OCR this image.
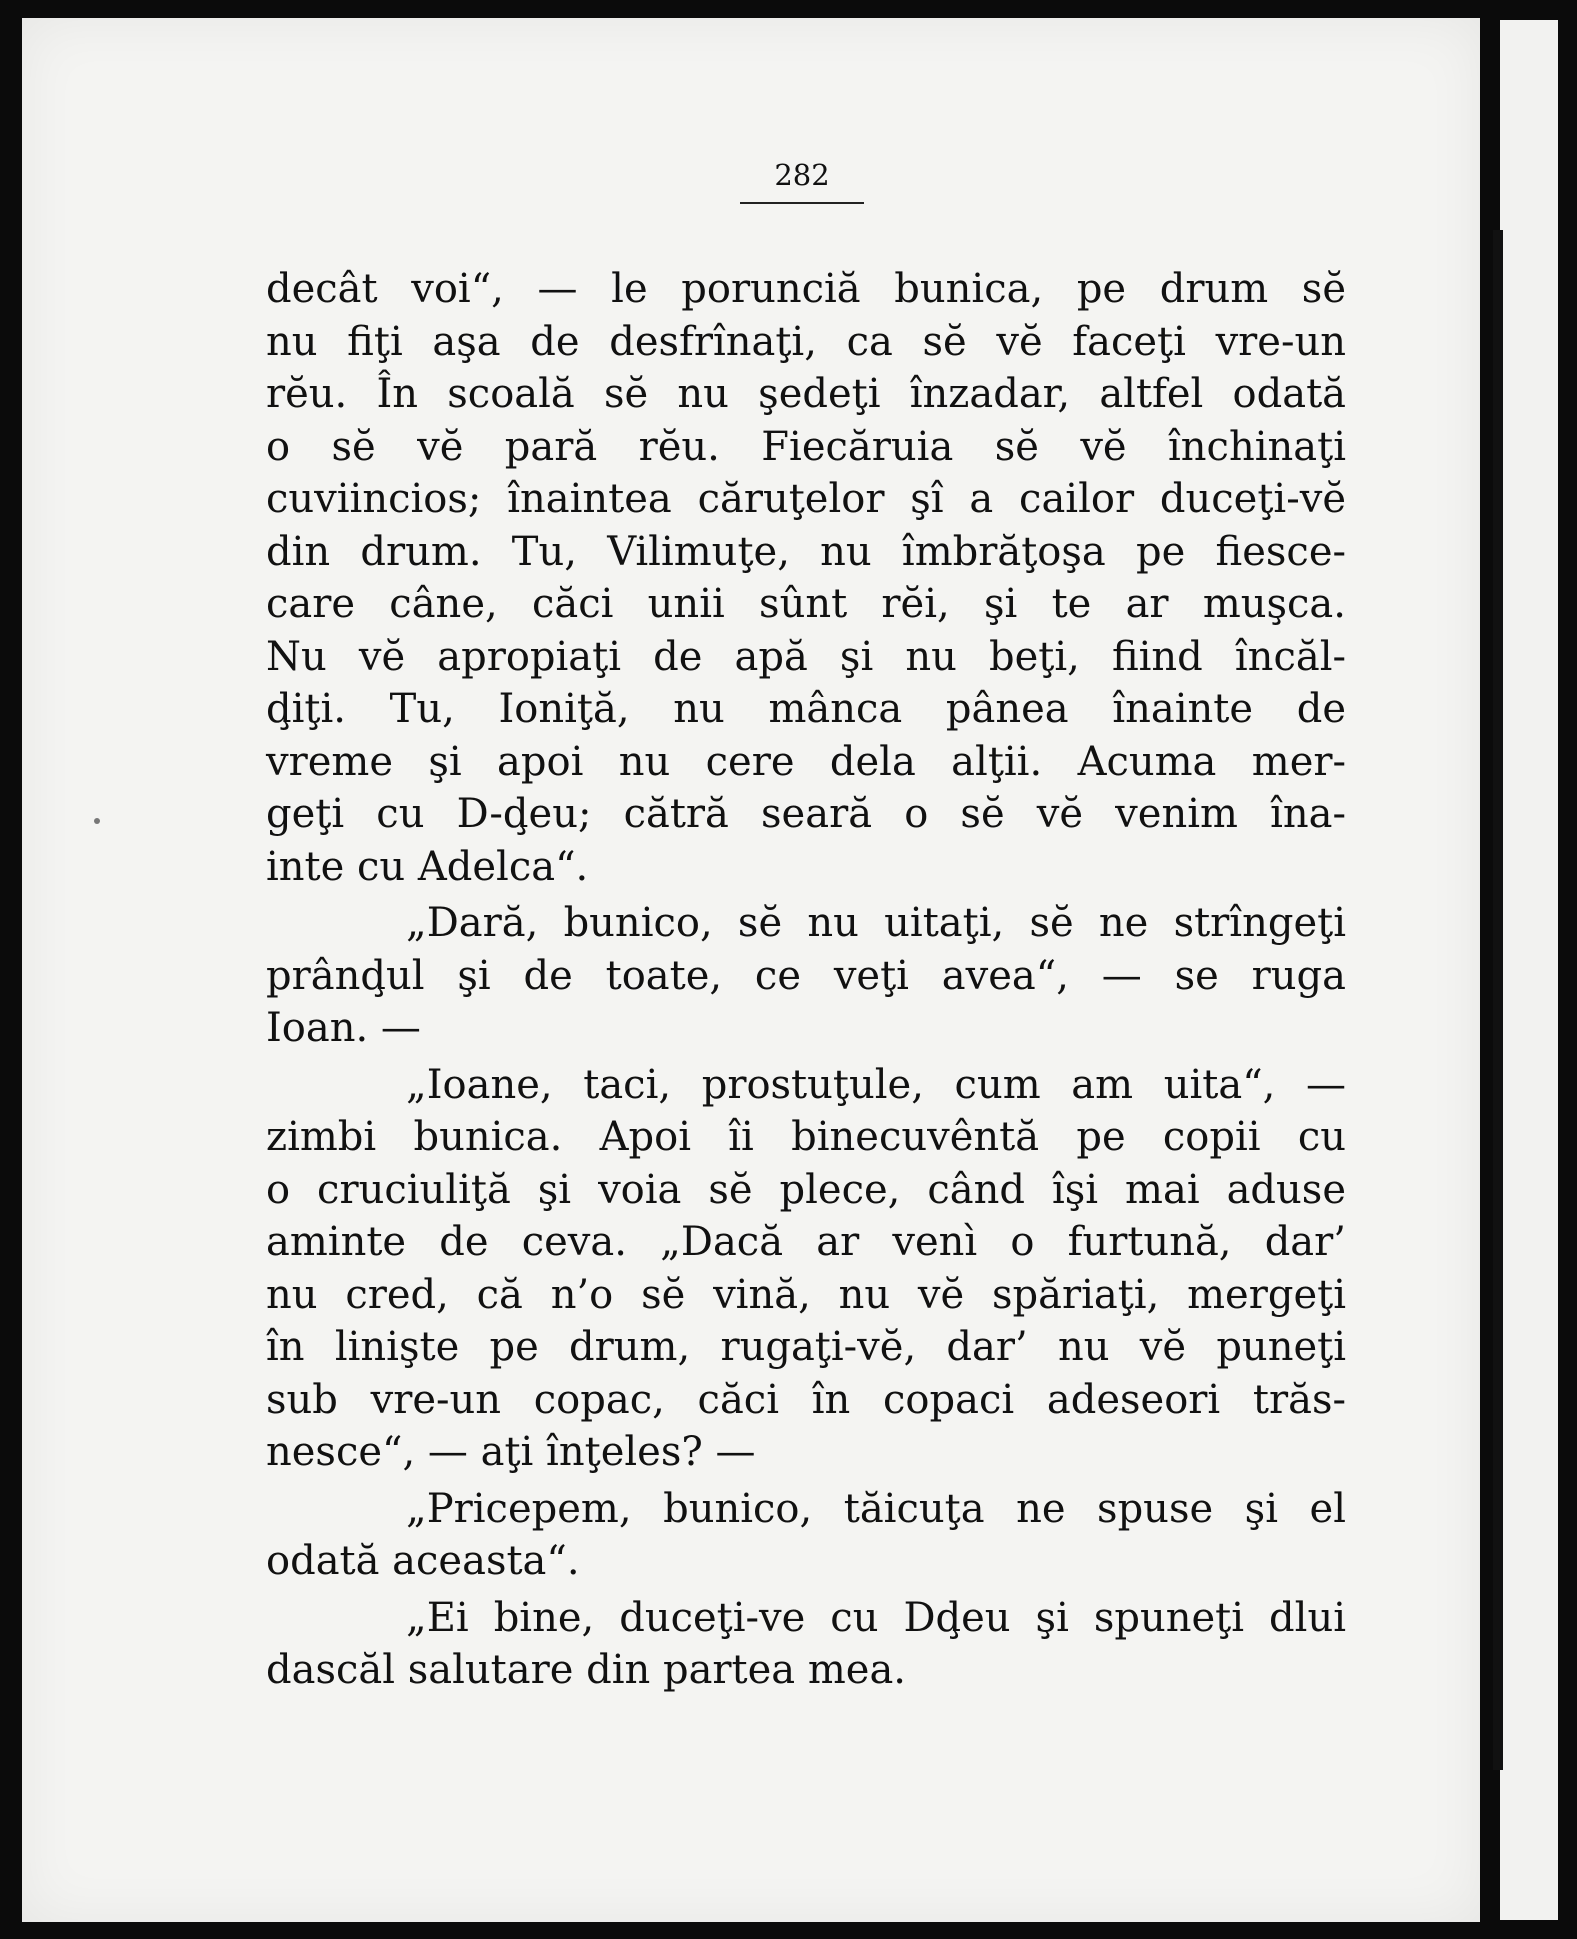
282
decât voi“, — le porunciă bunica, pe drum sĕ
nu fiţi aşa de desfrînaţi, ca sĕ vĕ faceţi vre-un
rĕu. În scoală sĕ nu şedeţi înzadar, altfel odată
o sĕ vĕ pară rĕu. Fiecăruia sĕ vĕ închinaţi
cuviincios; înaintea căruţelor şî a cailor duceţi-vĕ
din drum. Tu, Vilimuţe, nu îmbrăţoşa pe fiesce-
care câne, căci unii sûnt rĕi, şi te ar muşca.
Nu vĕ apropiaţi de apă şi nu beţi, fiind încăl-
ḑiţi. Tu, Ioniţă, nu mânca pânea înainte de
vreme şi apoi nu cere dela alţii. Acuma mer-
geţi cu D-ḑeu; cătră seară o sĕ vĕ venim îna-
inte cu Adelca“.
„Dară, bunico, sĕ nu uitaţi, sĕ ne strîngeţi
prânḑul şi de toate, ce veţi avea“, — se ruga
Ioan. —
„Ioane, taci, prostuţule, cum am uita“, —
zimbi bunica. Apoi îi binecuvêntă pe copii cu
o cruciuliţă şi voia sĕ plece, când îşi mai aduse
aminte de ceva. „Dacă ar venì o furtună, dar’
nu cred, că n’o sĕ vină, nu vĕ spăriaţi, mergeţi
în linişte pe drum, rugaţi-vĕ, dar’ nu vĕ puneţi
sub vre-un copac, căci în copaci adeseori trăs-
nesce“, — aţi înţeles? —
„Pricepem, bunico, tăicuţa ne spuse şi el
odată aceasta“.
„Ei bine, duceţi-ve cu Dḑeu şi spuneţi dlui
dascăl salutare din partea mea.
